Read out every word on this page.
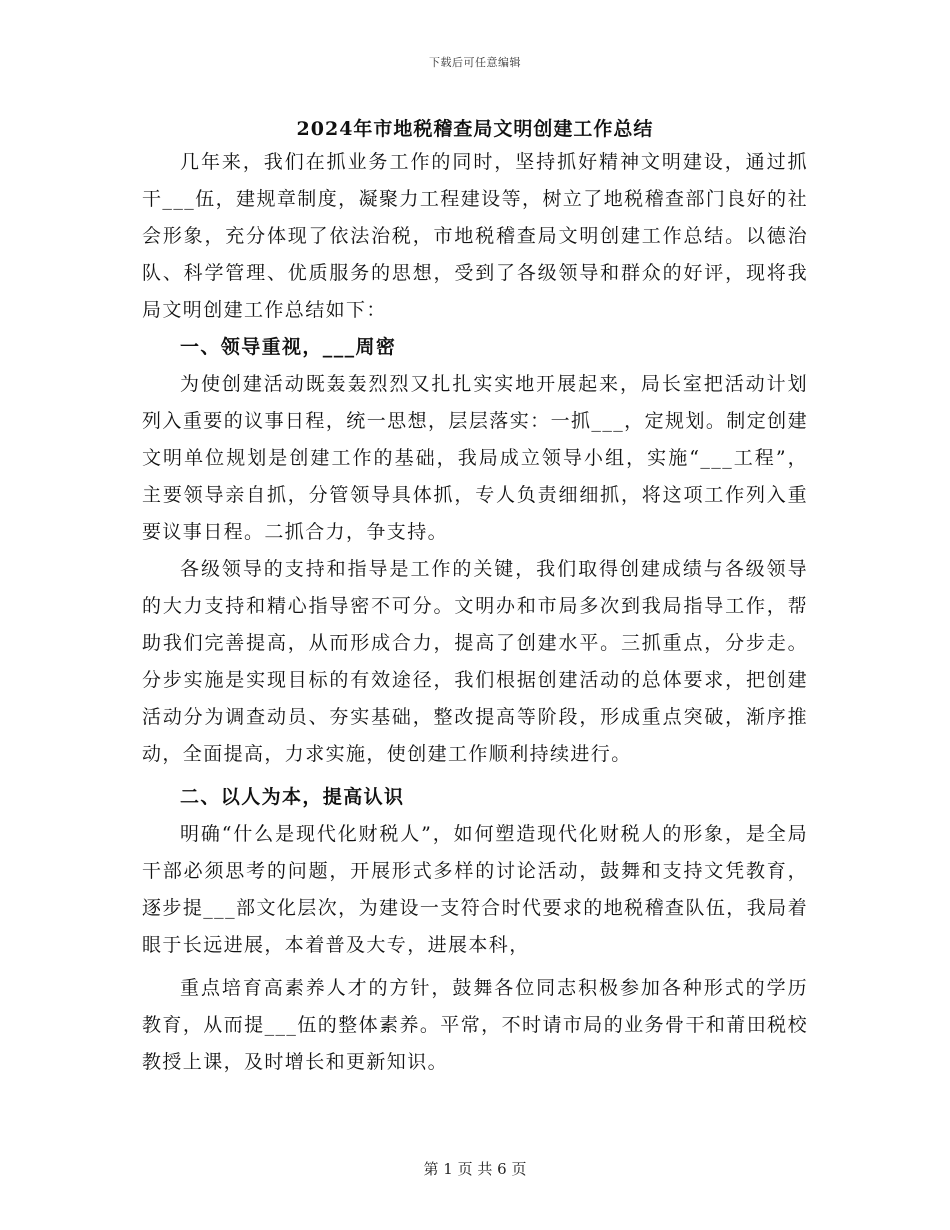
下载后可任意编辑
2024年市地税稽查局文明创建工作总结

几年来，我们在抓业务工作的同时，坚持抓好精神文明建设，通过抓干___伍，建规章制度，凝聚力工程建设等，树立了地税稽查部门良好的社会形象，充分体现了依法治税，市地税稽查局文明创建工作总结。以德治队、科学管理、优质服务的思想，受到了各级领导和群众的好评，现将我局文明创建工作总结如下：

一、领导重视，___周密

为使创建活动既轰轰烈烈又扎扎实实地开展起来，局长室把活动计划列入重要的议事日程，统一思想，层层落实：一抓___，定规划。制定创建文明单位规划是创建工作的基础，我局成立领导小组，实施“___工程”，主要领导亲自抓，分管领导具体抓，专人负责细细抓，将这项工作列入重要议事日程。二抓合力，争支持。

各级领导的支持和指导是工作的关键，我们取得创建成绩与各级领导的大力支持和精心指导密不可分。文明办和市局多次到我局指导工作，帮助我们完善提高，从而形成合力，提高了创建水平。三抓重点，分步走。分步实施是实现目标的有效途径，我们根据创建活动的总体要求，把创建活动分为调查动员、夯实基础，整改提高等阶段，形成重点突破，渐序推动，全面提高，力求实施，使创建工作顺利持续进行。

二、以人为本，提高认识

明确“什么是现代化财税人”，如何塑造现代化财税人的形象，是全局干部必须思考的问题，开展形式多样的讨论活动，鼓舞和支持文凭教育，逐步提___部文化层次，为建设一支符合时代要求的地税稽查队伍，我局着眼于长远进展，本着普及大专，进展本科，

重点培育高素养人才的方针，鼓舞各位同志积极参加各种形式的学历教育，从而提___伍的整体素养。平常，不时请市局的业务骨干和莆田税校教授上课，及时增长和更新知识。

第 1 页 共 6 页
